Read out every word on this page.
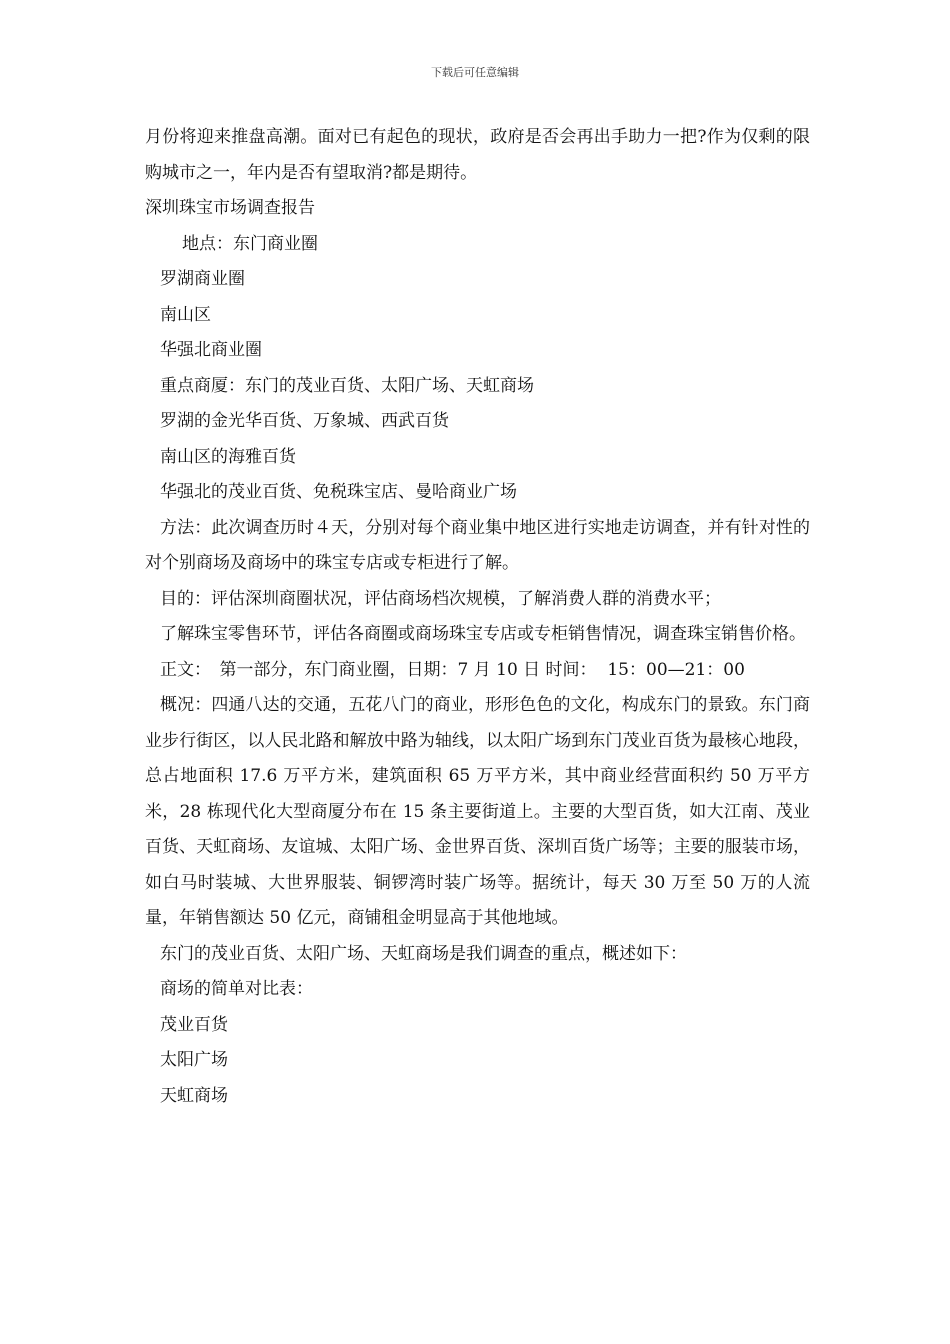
下载后可任意编辑

月份将迎来推盘高潮。面对已有起色的现状，政府是否会再出手助力一把?作为仅剩的限购城市之一，年内是否有望取消?都是期待。

深圳珠宝市场调查报告

地点：东门商业圈

罗湖商业圈

南山区

华强北商业圈

重点商厦：东门的茂业百货、太阳广场、天虹商场

罗湖的金光华百货、万象城、西武百货

南山区的海雅百货

华强北的茂业百货、免税珠宝店、曼哈商业广场

方法：此次调查历时４天，分别对每个商业集中地区进行实地走访调查，并有针对性的对个别商场及商场中的珠宝专店或专柜进行了解。

目的：评估深圳商圈状况，评估商场档次规模，了解消费人群的消费水平；

了解珠宝零售环节，评估各商圈或商场珠宝专店或专柜销售情况，调查珠宝销售价格。

正文：　第一部分，东门商业圈，日期：7 月 10 日 时间：  15：00—21：00

概况：四通八达的交通，五花八门的商业，形形色色的文化，构成东门的景致。东门商业步行街区，以人民北路和解放中路为轴线，以太阳广场到东门茂业百货为最核心地段，总占地面积 17.6 万平方米，建筑面积 65 万平方米，其中商业经营面积约 50 万平方米，28 栋现代化大型商厦分布在 15 条主要街道上。主要的大型百货，如大江南、茂业百货、天虹商场、友谊城、太阳广场、金世界百货、深圳百货广场等；主要的服装市场，如白马时装城、大世界服装、铜锣湾时装广场等。据统计，每天 30 万至 50 万的人流量，年销售额达 50 亿元，商铺租金明显高于其他地域。

东门的茂业百货、太阳广场、天虹商场是我们调查的重点，概述如下：

商场的简单对比表：

茂业百货

太阳广场

天虹商场
